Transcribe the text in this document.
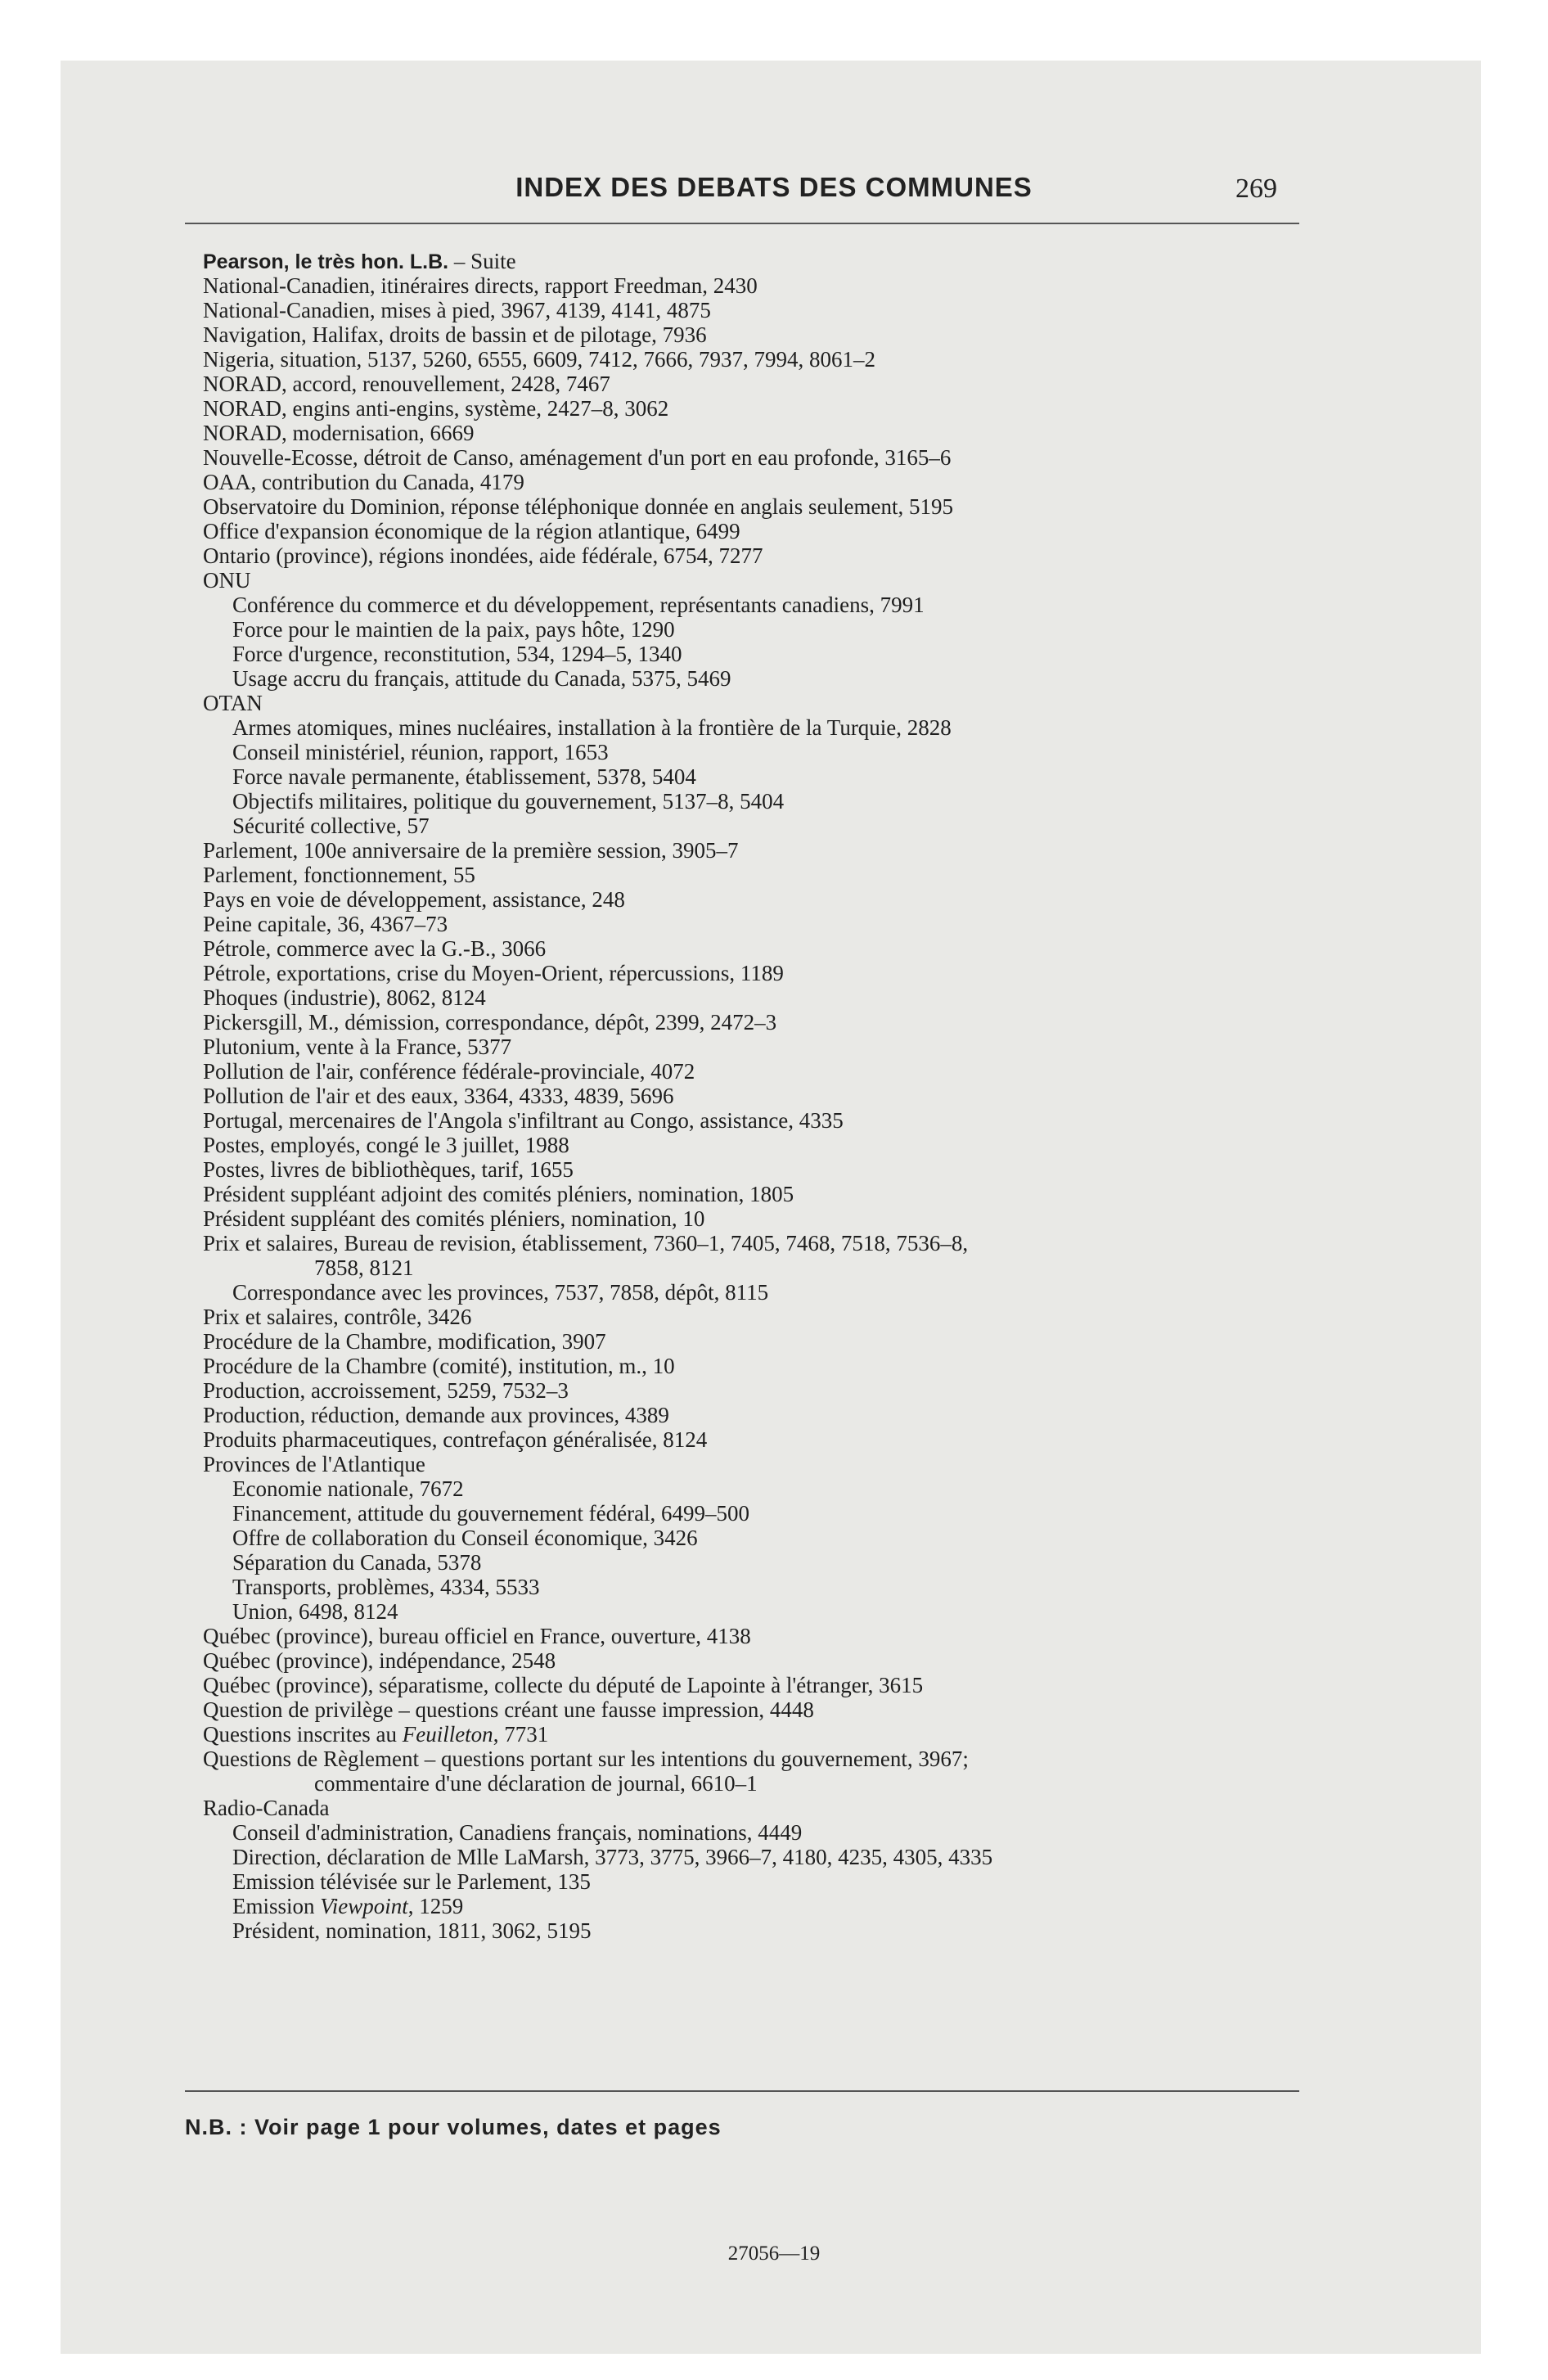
INDEX DES DEBATS DES COMMUNES	269
Pearson, le très hon. L.B. – Suite
National-Canadien, itinéraires directs, rapport Freedman, 2430
National-Canadien, mises à pied, 3967, 4139, 4141, 4875
Navigation, Halifax, droits de bassin et de pilotage, 7936
Nigeria, situation, 5137, 5260, 6555, 6609, 7412, 7666, 7937, 7994, 8061–2
NORAD, accord, renouvellement, 2428, 7467
NORAD, engins anti-engins, système, 2427–8, 3062
NORAD, modernisation, 6669
Nouvelle-Ecosse, détroit de Canso, aménagement d'un port en eau profonde, 3165–6
OAA, contribution du Canada, 4179
Observatoire du Dominion, réponse téléphonique donnée en anglais seulement, 5195
Office d'expansion économique de la région atlantique, 6499
Ontario (province), régions inondées, aide fédérale, 6754, 7277
ONU
Conférence du commerce et du développement, représentants canadiens, 7991
Force pour le maintien de la paix, pays hôte, 1290
Force d'urgence, reconstitution, 534, 1294–5, 1340
Usage accru du français, attitude du Canada, 5375, 5469
OTAN
Armes atomiques, mines nucléaires, installation à la frontière de la Turquie, 2828
Conseil ministériel, réunion, rapport, 1653
Force navale permanente, établissement, 5378, 5404
Objectifs militaires, politique du gouvernement, 5137–8, 5404
Sécurité collective, 57
Parlement, 100e anniversaire de la première session, 3905–7
Parlement, fonctionnement, 55
Pays en voie de développement, assistance, 248
Peine capitale, 36, 4367–73
Pétrole, commerce avec la G.-B., 3066
Pétrole, exportations, crise du Moyen-Orient, répercussions, 1189
Phoques (industrie), 8062, 8124
Pickersgill, M., démission, correspondance, dépôt, 2399, 2472–3
Plutonium, vente à la France, 5377
Pollution de l'air, conférence fédérale-provinciale, 4072
Pollution de l'air et des eaux, 3364, 4333, 4839, 5696
Portugal, mercenaires de l'Angola s'infiltrant au Congo, assistance, 4335
Postes, employés, congé le 3 juillet, 1988
Postes, livres de bibliothèques, tarif, 1655
Président suppléant adjoint des comités pléniers, nomination, 1805
Président suppléant des comités pléniers, nomination, 10
Prix et salaires, Bureau de revision, établissement, 7360–1, 7405, 7468, 7518, 7536–8,
7858, 8121
Correspondance avec les provinces, 7537, 7858, dépôt, 8115
Prix et salaires, contrôle, 3426
Procédure de la Chambre, modification, 3907
Procédure de la Chambre (comité), institution, m., 10
Production, accroissement, 5259, 7532–3
Production, réduction, demande aux provinces, 4389
Produits pharmaceutiques, contrefaçon généralisée, 8124
Provinces de l'Atlantique
Economie nationale, 7672
Financement, attitude du gouvernement fédéral, 6499–500
Offre de collaboration du Conseil économique, 3426
Séparation du Canada, 5378
Transports, problèmes, 4334, 5533
Union, 6498, 8124
Québec (province), bureau officiel en France, ouverture, 4138
Québec (province), indépendance, 2548
Québec (province), séparatisme, collecte du député de Lapointe à l'étranger, 3615
Question de privilège – questions créant une fausse impression, 4448
Questions inscrites au Feuilleton, 7731
Questions de Règlement – questions portant sur les intentions du gouvernement, 3967;
commentaire d'une déclaration de journal, 6610–1
Radio-Canada
Conseil d'administration, Canadiens français, nominations, 4449
Direction, déclaration de Mlle LaMarsh, 3773, 3775, 3966–7, 4180, 4235, 4305, 4335
Emission télévisée sur le Parlement, 135
Emission Viewpoint, 1259
Président, nomination, 1811, 3062, 5195
N.B. : Voir page 1 pour volumes, dates et pages
27056—19
